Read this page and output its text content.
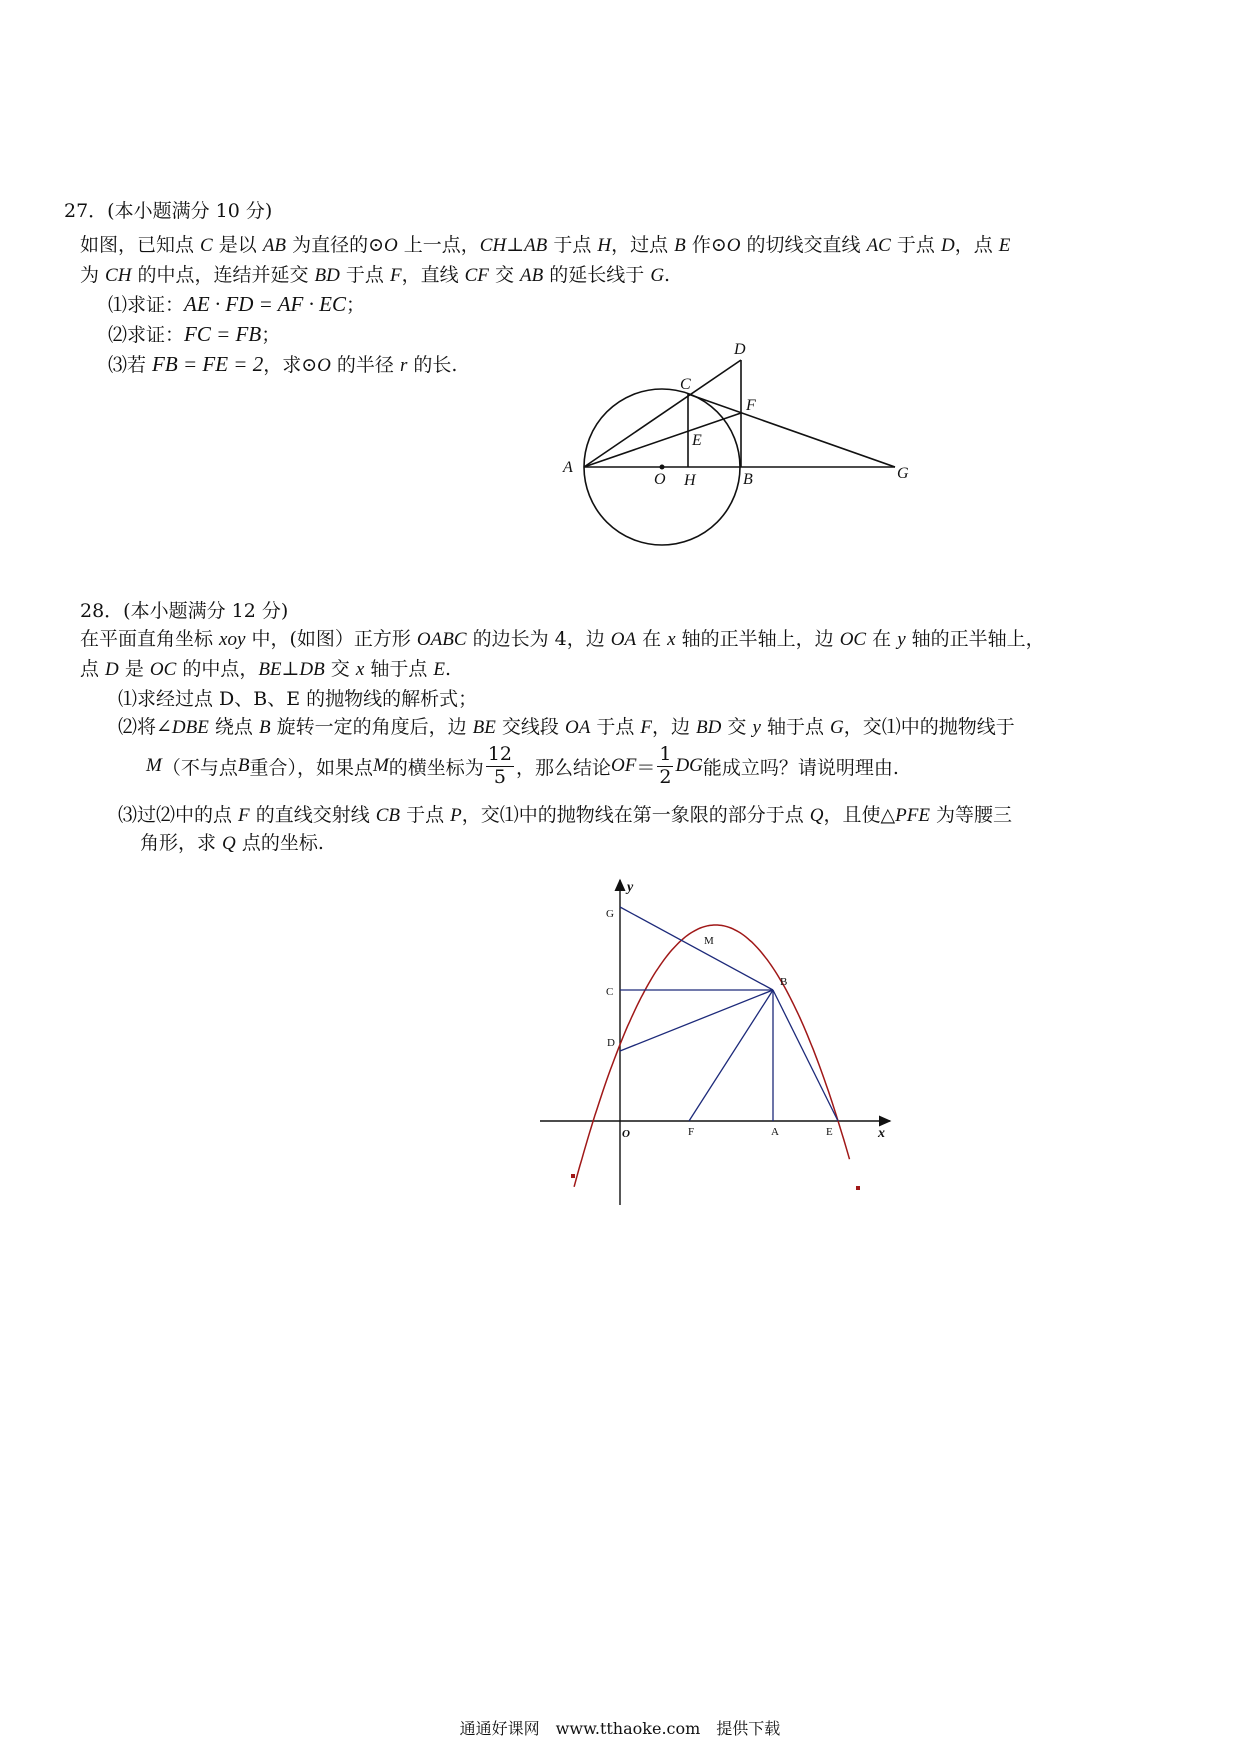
27．(本小题满分 10 分)
如图，已知点 C 是以 AB 为直径的⊙O 上一点，CH⊥AB 于点 H，过点 B 作⊙O 的切线交直线 AC 于点 D，点 E
为 CH 的中点，连结并延交 BD 于点 F，直线 CF 交 AB 的延长线于 G.
⑴求证：AE · FD = AF · EC；
⑵求证：FC = FB；
⑶若 FB = FE = 2，求⊙O 的半径 r 的长.
D
C
F
E
A
O H	B	G
28．(本小题满分 12 分)
在平面直角坐标 xoy 中，(如图）正方形 OABC 的边长为 4，边 OA 在 x 轴的正半轴上，边 OC 在 y 轴的正半轴上，
点 D 是 OC 的中点，BE⊥DB 交 x 轴于点 E.
⑴求经过点 D、B、E 的抛物线的解析式；
⑵将∠DBE 绕点 B 旋转一定的角度后，边 BE 交线段 OA 于点 F，边 BD 交 y 轴于点 G，交⑴中的抛物线于
M （不与点 B 重合），如果点 M 的横坐标为 $\frac{12}{5}$ ，那么结论 OF ＝ $\frac{1}{2}$ DG 能成立吗？请说明理由.
⑶过⑵中的点 F 的直线交射线 CB 于点 P，交⑴中的抛物线在第一象限的部分于点 Q，且使△PFE 为等腰三
角形，求 Q 点的坐标.
y
x
G
M
C
B
D
O	F	A	E
通通好课网　www.tthaoke.com　提供下载
